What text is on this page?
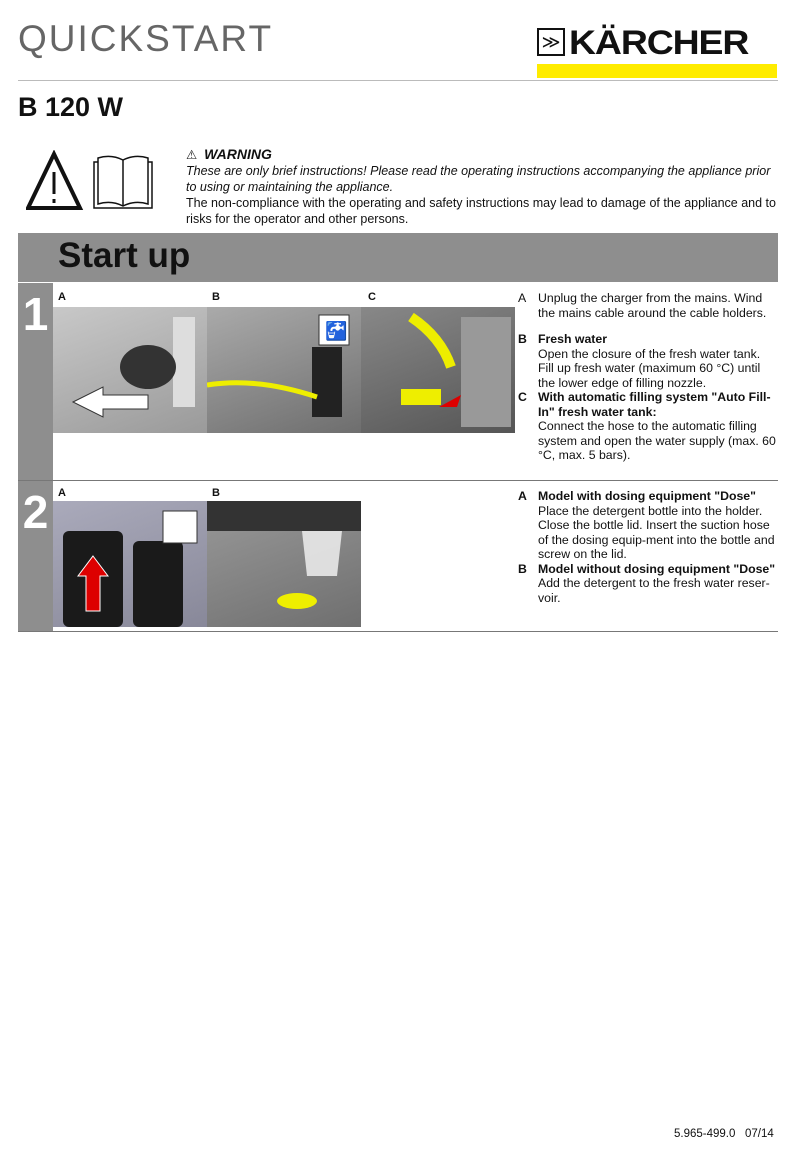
QUICKSTART	≫ KÄRCHER
B 120 W
⚠ WARNING
These are only brief instructions! Please read the operating instructions accompanying the appliance prior to using or maintaining the appliance.
The non-compliance with the operating and safety instructions may lead to damage of the appliance and to risks for the operator and other persons.
Start up
1 A	B	C
🚰
A Unplug the charger from the mains. Wind the mains cable around the cable holders.
B Fresh water
Open the closure of the fresh water tank. Fill up fresh water (maximum 60 °C) until the lower edge of filling nozzle.
C With automatic filling system "Auto Fill-In" fresh water tank:
Connect the hose to the automatic filling system and open the water supply (max. 60 °C, max. 5 bars).
2 A	B	A Model with dosing equipment "Dose"
Place the detergent bottle into the holder. Close the bottle lid. Insert the suction hose of the dosing equip-ment into the bottle and screw on the lid.
B Model without dosing equipment "Dose"
Add the detergent to the fresh water reser-voir.
5.965-499.0   07/14
